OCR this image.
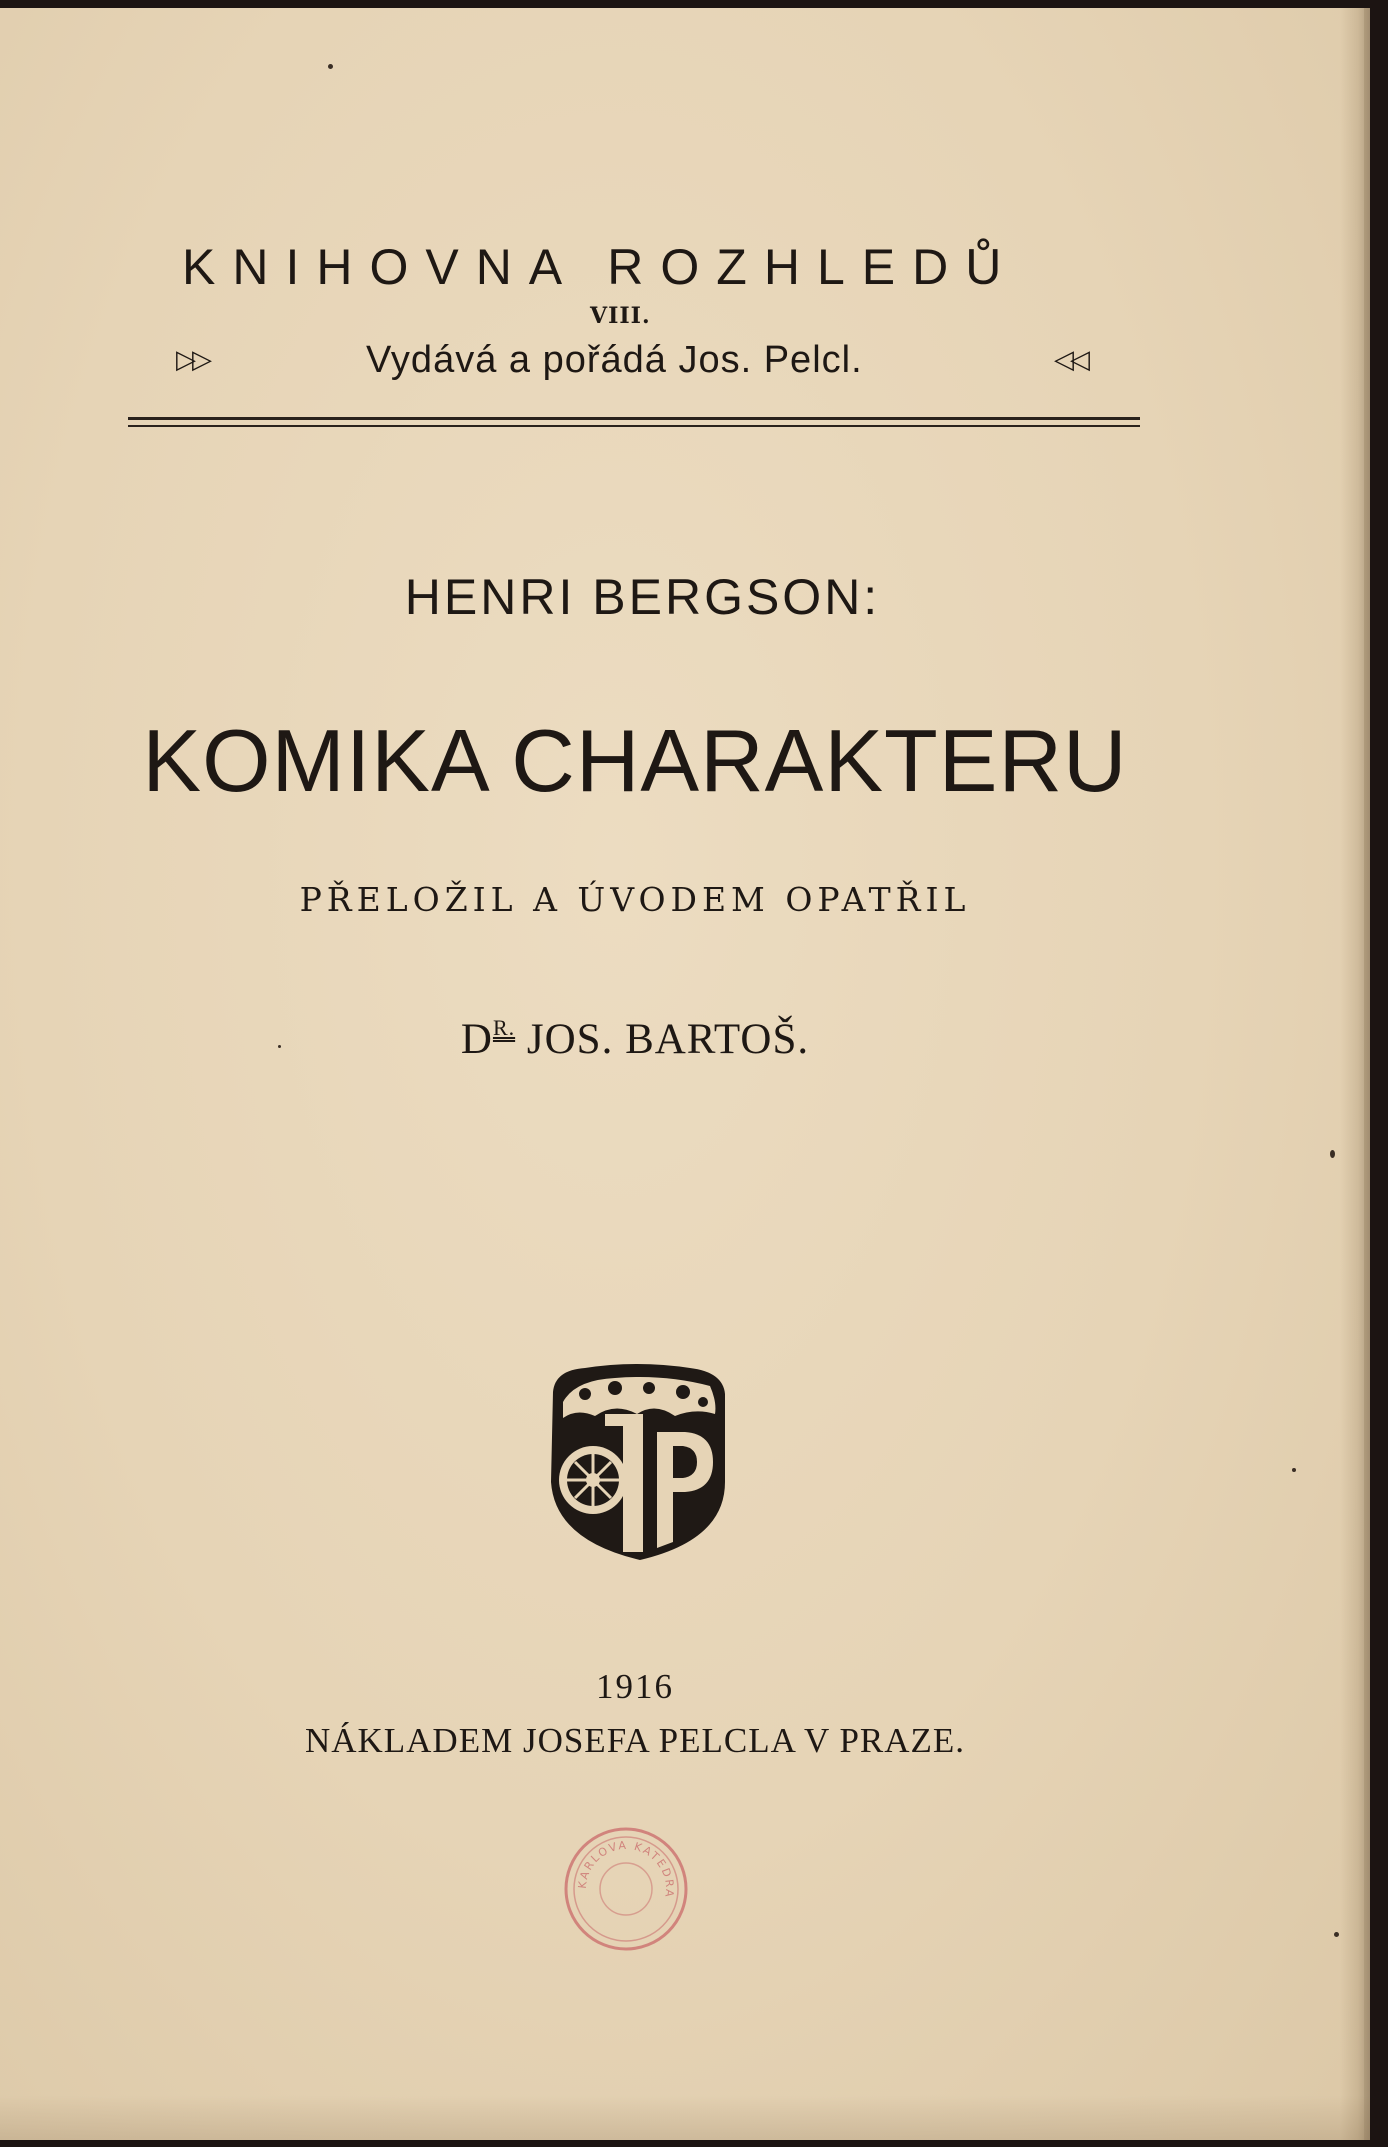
KNIHOVNA ROZHLEDŮ
VIII.
▷▷	Vydává a pořádá Jos. Pelcl.	◁◁
HENRI BERGSON:
KOMIKA CHARAKTERU
PŘELOŽIL A ÚVODEM OPATŘIL
$D^{R.}$ JOS. BARTOŠ.
1916
NÁKLADEM JOSEFA PELCLA V PRAZE.
KARLOVA KATEDRA
